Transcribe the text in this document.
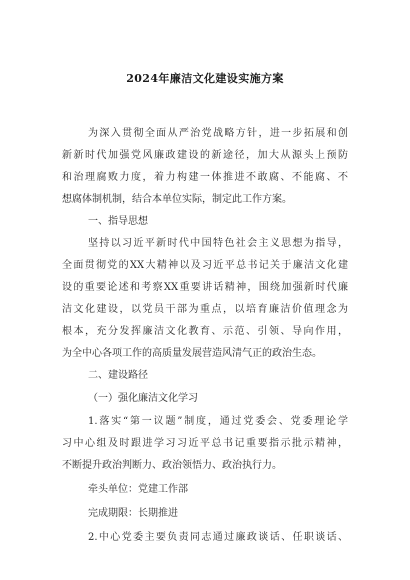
2024年廉洁文化建设实施方案
为深入贯彻全面从严治党战略方针，进一步拓展和创
新新时代加强党风廉政建设的新途径，加大从源头上预防
和治理腐败力度，着力构建一体推进不敢腐、不能腐、不
想腐体制机制，结合本单位实际，制定此工作方案。
一、指导思想
坚持以习近平新时代中国特色社会主义思想为指导，
全面贯彻党的XX大精神以及习近平总书记关于廉洁文化建
设的重要论述和考察XX重要讲话精神，围绕加强新时代廉
洁文化建设，以党员干部为重点，以培育廉洁价值理念为
根本，充分发挥廉洁文化教育、示范、引领、导向作用，
为全中心各项工作的高质量发展营造风清气正的政治生态。
二、建设路径
（一）强化廉洁文化学习
1.落实“第一议题”制度，通过党委会、党委理论学
习中心组及时跟进学习习近平总书记重要指示批示精神，
不断提升政治判断力、政治领悟力、政治执行力。
牵头单位：党建工作部
完成期限：长期推进
2.中心党委主要负责同志通过廉政谈话、任职谈话、
